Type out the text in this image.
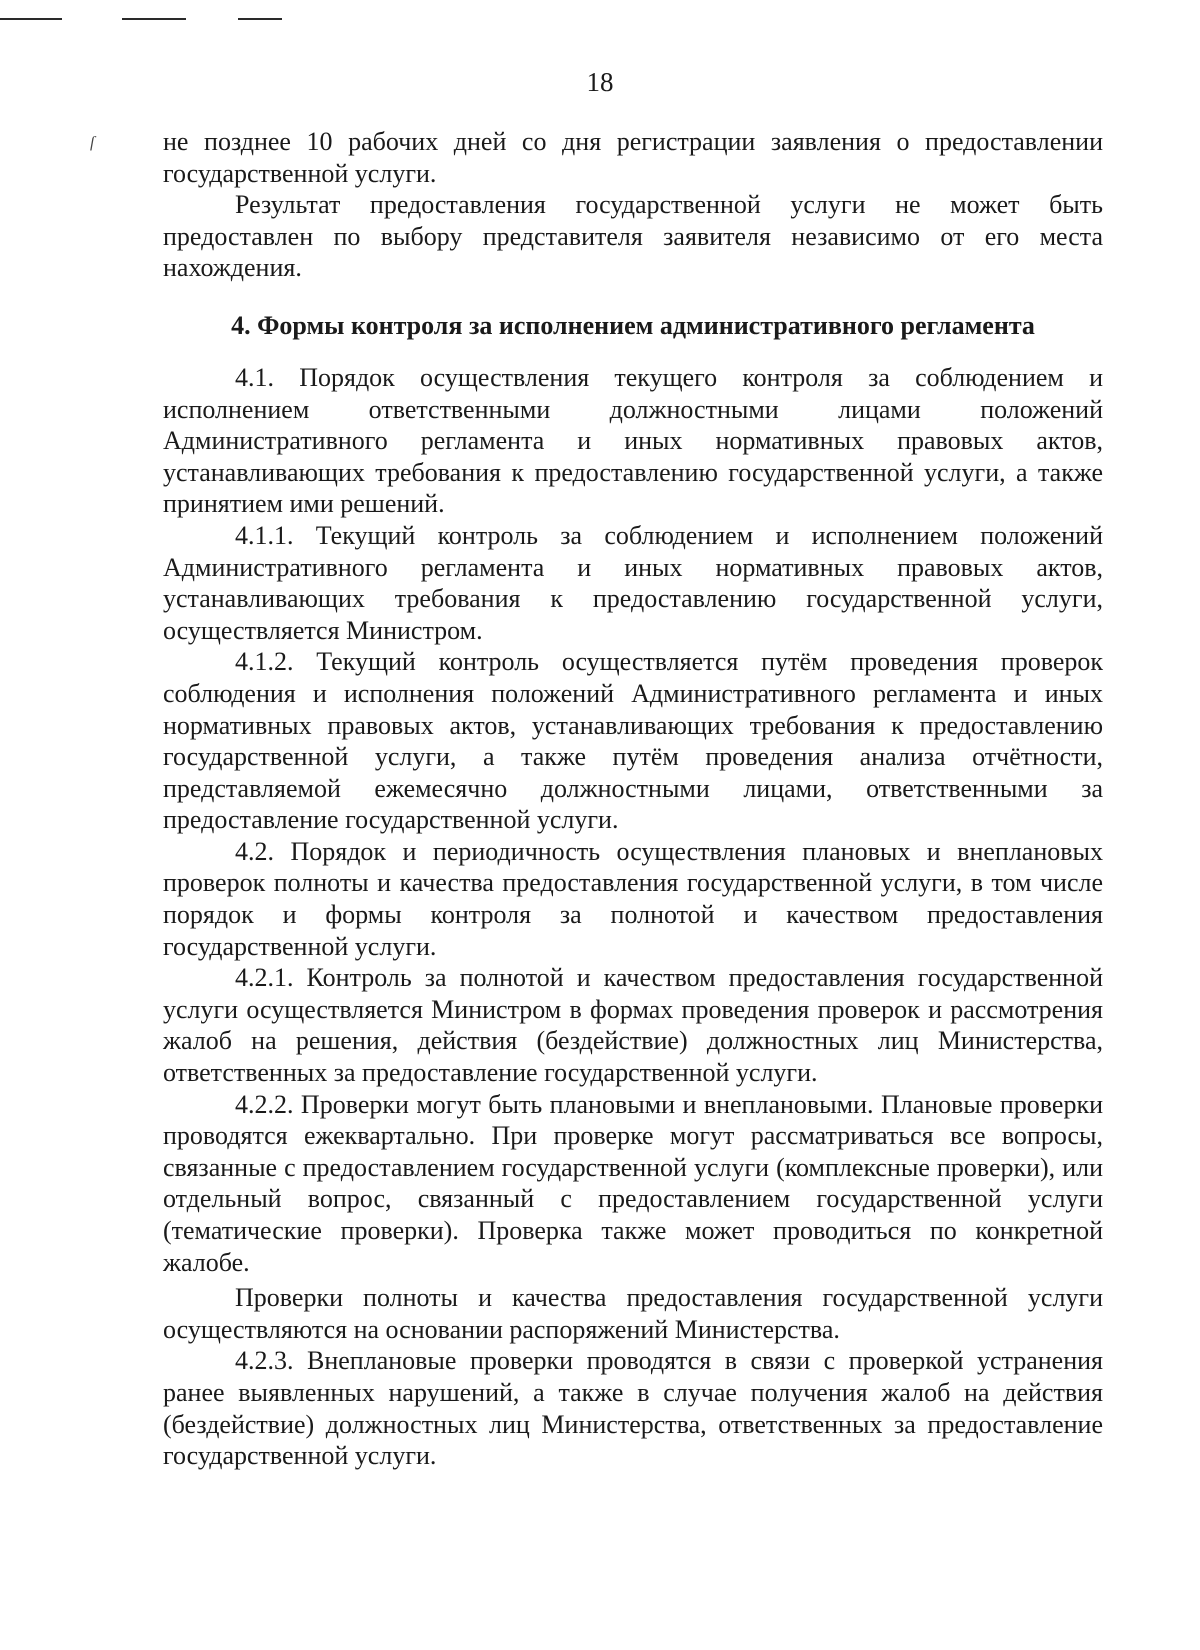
ſ
18

не позднее 10 рабочих дней со дня регистрации заявления о предоставлении государственной услуги.

Результат предоставления государственной услуги не может быть предоставлен по выбору представителя заявителя независимо от его места нахождения.

4. Формы контроля за исполнением административного регламента

4.1. Порядок осуществления текущего контроля за соблюдением и исполнением ответственными должностными лицами положений Административного регламента и иных нормативных правовых актов, устанавливающих требования к предоставлению государственной услуги, а также принятием ими решений.

4.1.1. Текущий контроль за соблюдением и исполнением положений Административного регламента и иных нормативных правовых актов, устанавливающих требования к предоставлению государственной услуги, осуществляется Министром.

4.1.2. Текущий контроль осуществляется путём проведения проверок соблюдения и исполнения положений Административного регламента и иных нормативных правовых актов, устанавливающих требования к предоставлению государственной услуги, а также путём проведения анализа отчётности, представляемой ежемесячно должностными лицами, ответственными за предоставление государственной услуги.

4.2. Порядок и периодичность осуществления плановых и внеплановых проверок полноты и качества предоставления государственной услуги, в том числе порядок и формы контроля за полнотой и качеством предоставления государственной услуги.

4.2.1. Контроль за полнотой и качеством предоставления государственной услуги осуществляется Министром в формах проведения проверок и рассмотрения жалоб на решения, действия (бездействие) должностных лиц Министерства, ответственных за предоставление государственной услуги.

4.2.2. Проверки могут быть плановыми и внеплановыми. Плановые проверки проводятся ежеквартально. При проверке могут рассматриваться все вопросы, связанные с предоставлением государственной услуги (комплексные проверки), или отдельный вопрос, связанный с предоставлением государственной услуги (тематические проверки). Проверка также может проводиться по конкретной жалобе.

Проверки полноты и качества предоставления государственной услуги осуществляются на основании распоряжений Министерства.

4.2.3. Внеплановые проверки проводятся в связи с проверкой устранения ранее выявленных нарушений, а также в случае получения жалоб на действия (бездействие) должностных лиц Министерства, ответственных за предоставление государственной услуги.
